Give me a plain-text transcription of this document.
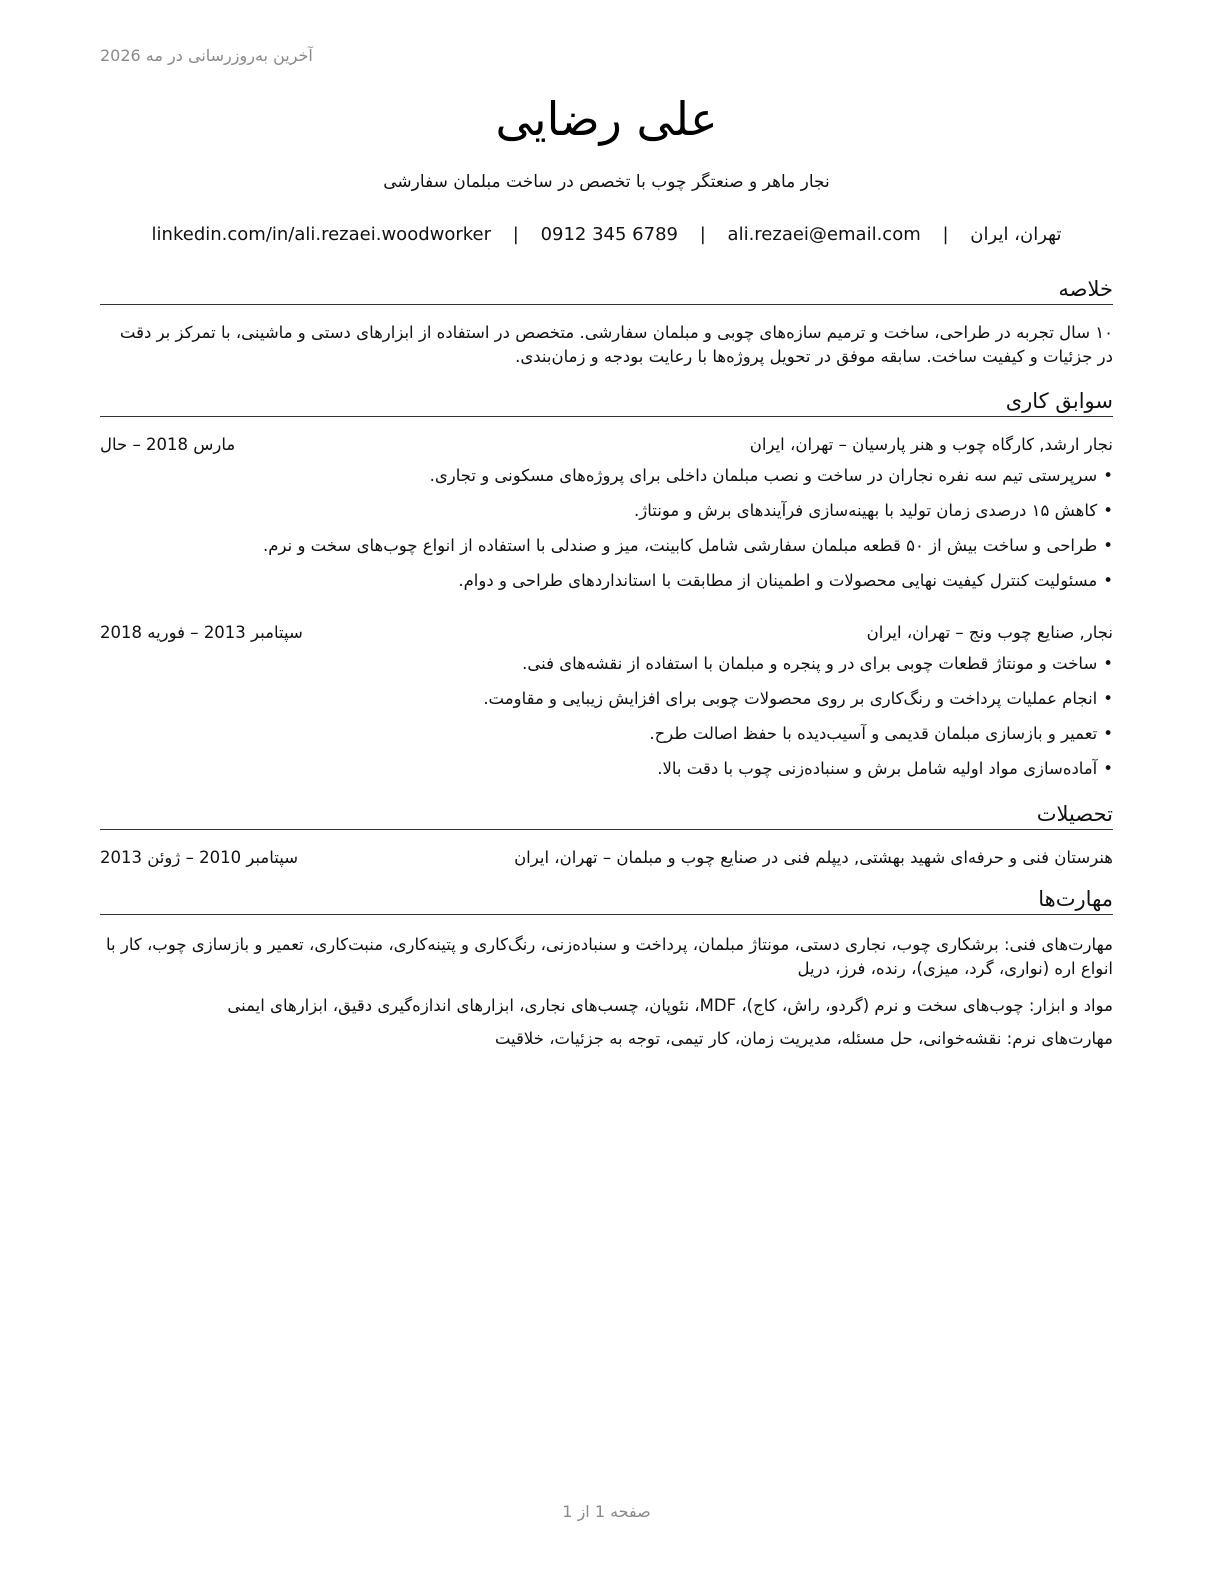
آخرین به‌روزرسانی در مه 2026
علی رضایی
نجار ماهر و صنعتگر چوب با تخصص در ساخت مبلمان سفارشی
تهران، ایران | ali.rezaei@email.com | 0912 345 6789 | linkedin.com/in/ali.rezaei.woodworker
خلاصه
۱۰ سال تجربه در طراحی، ساخت و ترمیم سازه‌های چوبی و مبلمان سفارشی. متخصص در استفاده از ابزارهای دستی و ماشینی، با تمرکز بر دقت در جزئیات و کیفیت ساخت. سابقه موفق در تحویل پروژه‌ها با رعایت بودجه و زمان‌بندی.
سوابق کاری
نجار ارشد, کارگاه چوب و هنر پارسیان – تهران، ایران
مارس 2018 – حال
• سرپرستی تیم سه نفره نجاران در ساخت و نصب مبلمان داخلی برای پروژه‌های مسکونی و تجاری.
• کاهش ۱۵ درصدی زمان تولید با بهینه‌سازی فرآیندهای برش و مونتاژ.
• طراحی و ساخت بیش از ۵۰ قطعه مبلمان سفارشی شامل کابینت، میز و صندلی با استفاده از انواع چوب‌های سخت و نرم.
• مسئولیت کنترل کیفیت نهایی محصولات و اطمینان از مطابقت با استانداردهای طراحی و دوام.
نجار, صنایع چوب ونج – تهران، ایران
سپتامبر 2013 – فوریه 2018
• ساخت و مونتاژ قطعات چوبی برای در و پنجره و مبلمان با استفاده از نقشه‌های فنی.
• انجام عملیات پرداخت و رنگ‌کاری بر روی محصولات چوبی برای افزایش زیبایی و مقاومت.
• تعمیر و بازسازی مبلمان قدیمی و آسیب‌دیده با حفظ اصالت طرح.
• آماده‌سازی مواد اولیه شامل برش و سنباده‌زنی چوب با دقت بالا.
تحصیلات
هنرستان فنی و حرفه‌ای شهید بهشتی, دیپلم فنی در صنایع چوب و مبلمان – تهران، ایران
سپتامبر 2010 – ژوئن 2013
مهارت‌ها
مهارت‌های فنی: برشکاری چوب، نجاری دستی، مونتاژ مبلمان، پرداخت و سنباده‌زنی، رنگ‌کاری و پتینه‌کاری، منبت‌کاری، تعمیر و بازسازی چوب، کار با انواع اره (نواری، گرد، میزی)، رنده، فرز، دریل
مواد و ابزار: چوب‌های سخت و نرم (گردو، راش، کاج)، MDF، نئوپان، چسب‌های نجاری، ابزارهای اندازه‌گیری دقیق، ابزارهای ایمنی
مهارت‌های نرم: نقشه‌خوانی، حل مسئله، مدیریت زمان، کار تیمی، توجه به جزئیات، خلاقیت
صفحه 1 از 1
